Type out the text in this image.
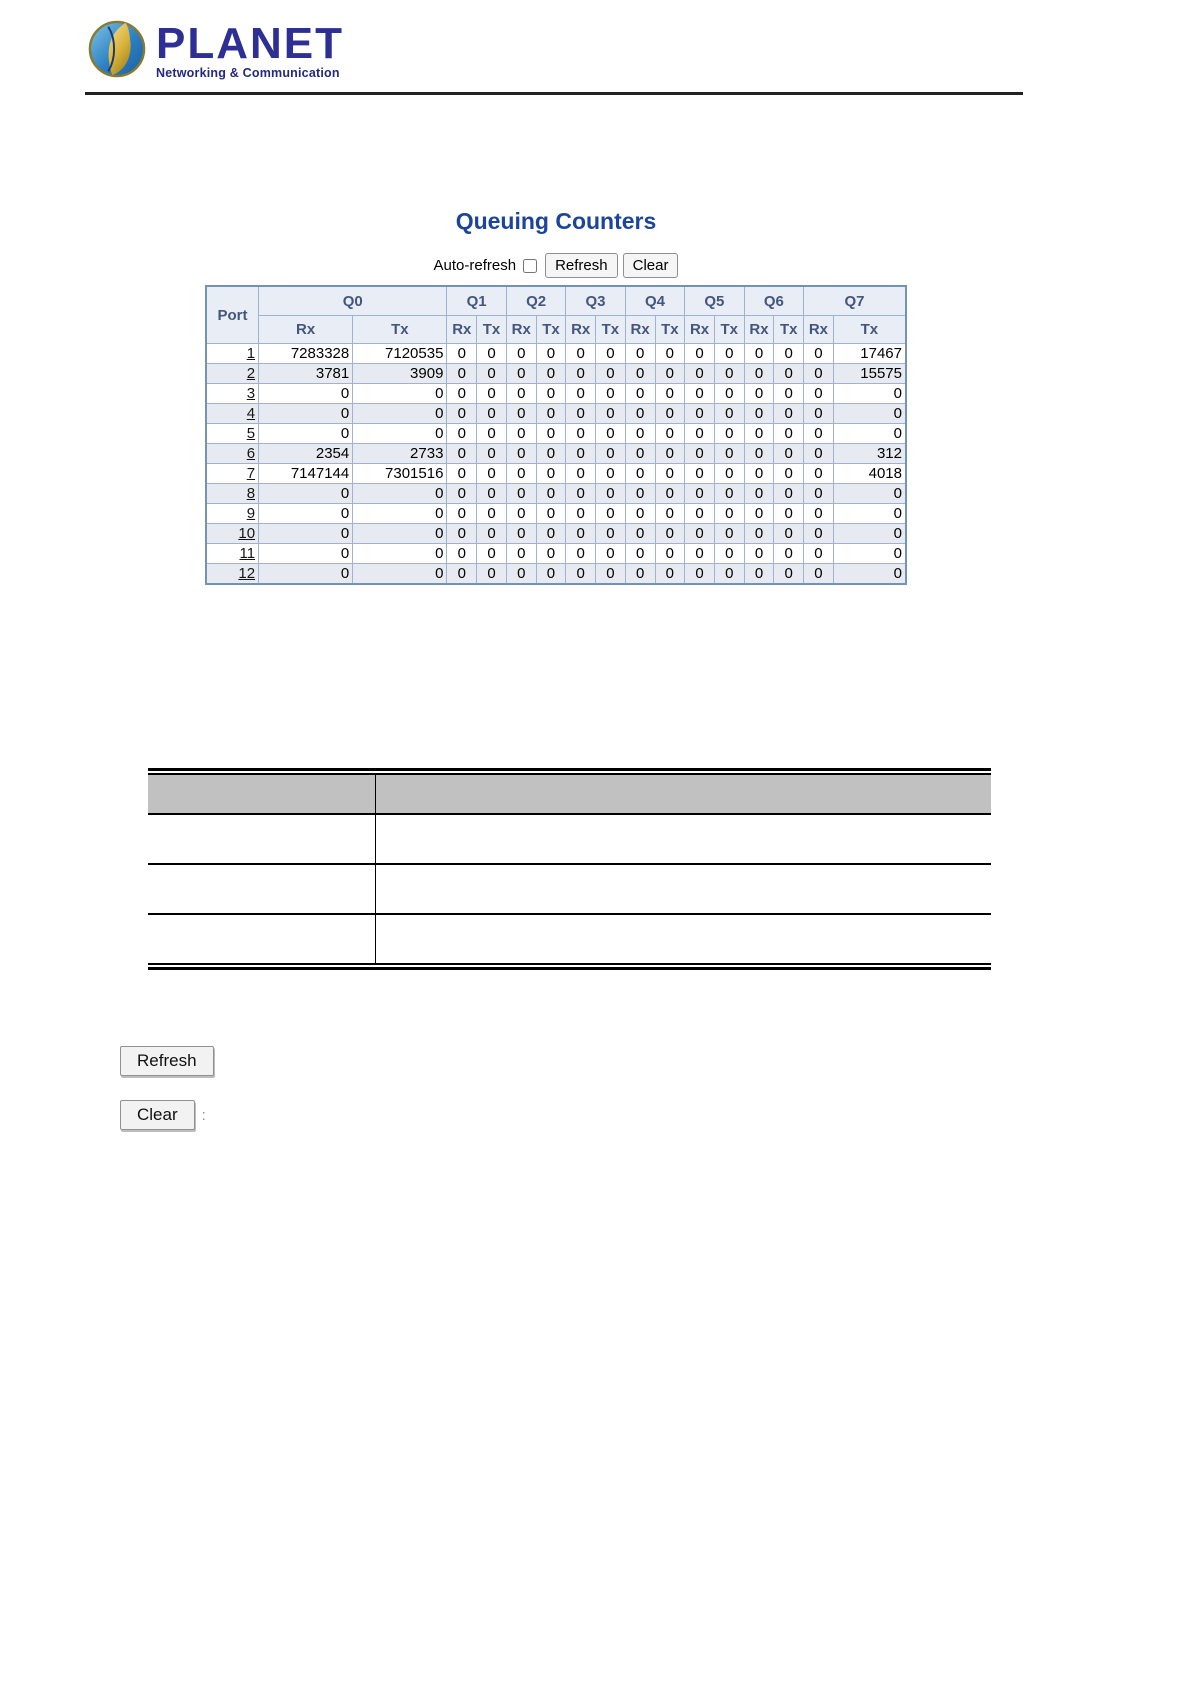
PLANET
Networking & Communication
Queuing Counters
Auto-refresh	Refresh	Clear
Port	Q0		Q1		Q2		Q3		Q4		Q5		Q6		Q7	
	Rx	Tx	Rx	Tx	Rx	Tx	Rx	Tx	Rx	Tx	Rx	Tx	Rx	Tx	Rx	Tx
1	7283328	7120535	0	0	0	0	0	0	0	0	0	0	0	0	0	17467
2	3781	3909	0	0	0	0	0	0	0	0	0	0	0	0	0	15575
3	0	0	0	0	0	0	0	0	0	0	0	0	0	0	0	0
4	0	0	0	0	0	0	0	0	0	0	0	0	0	0	0	0
5	0	0	0	0	0	0	0	0	0	0	0	0	0	0	0	0
6	2354	2733	0	0	0	0	0	0	0	0	0	0	0	0	0	312
7	7147144	7301516	0	0	0	0	0	0	0	0	0	0	0	0	0	4018
8	0	0	0	0	0	0	0	0	0	0	0	0	0	0	0	0
9	0	0	0	0	0	0	0	0	0	0	0	0	0	0	0	0
10	0	0	0	0	0	0	0	0	0	0	0	0	0	0	0	0
11	0	0	0	0	0	0	0	0	0	0	0	0	0	0	0	0
12	0	0	0	0	0	0	0	0	0	0	0	0	0	0	0	0

Refresh
Clear	:
